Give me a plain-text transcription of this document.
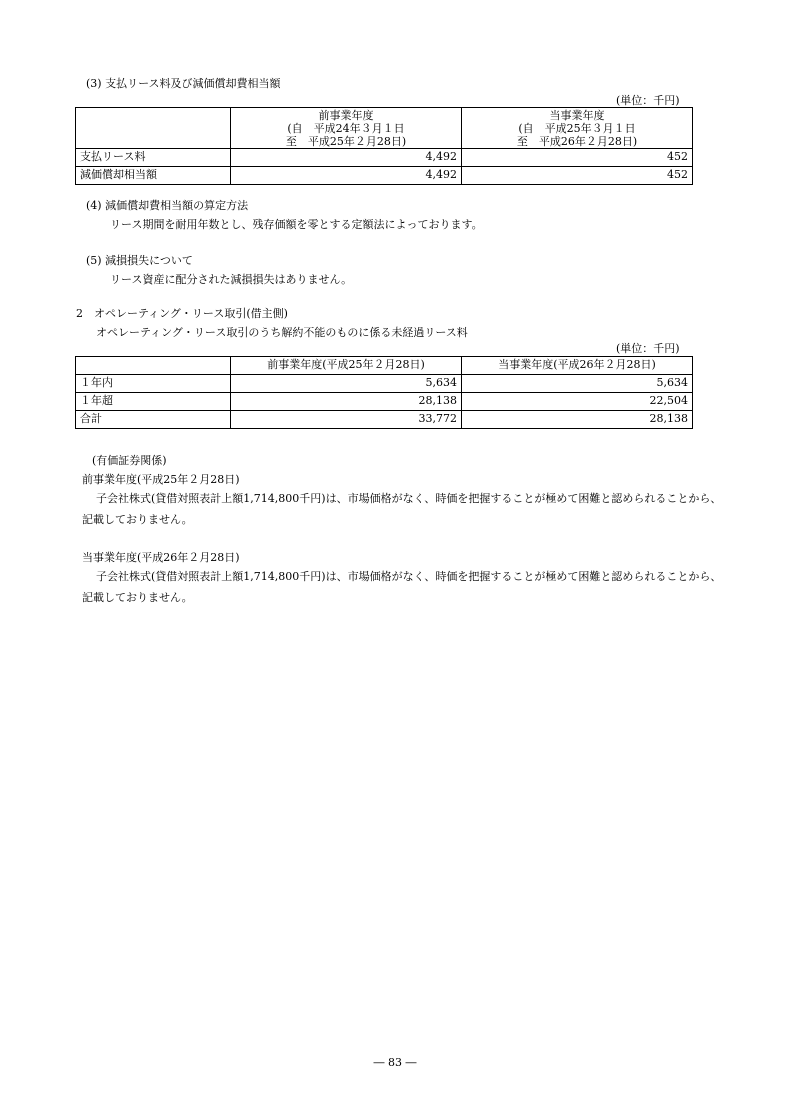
(3) 支払リース料及び減価償却費相当額
(単位：千円)

	前事業年度
(自　平成24年３月１日
至　平成25年２月28日)	当事業年度
(自　平成25年３月１日
至　平成26年２月28日)

支払リース料	4,492	452
減価償却相当額	4,492	452
(4) 減価償却費相当額の算定方法
リース期間を耐用年数とし、残存価額を零とする定額法によっております。
(5) 減損損失について
リース資産に配分された減損損失はありません。
2　オペレーティング・リース取引(借主側)
オペレーティング・リース取引のうち解約不能のものに係る未経過リース料
(単位：千円)
	前事業年度(平成25年２月28日)	当事業年度(平成26年２月28日)
１年内	5,634	5,634
１年超	28,138	22,504
合計	33,772	28,138
(有価証券関係)
前事業年度(平成25年２月28日)
子会社株式(貸借対照表計上額1,714,800千円)は、市場価格がなく、時価を把握することが極めて困難と認められることから、記載しておりません。
当事業年度(平成26年２月28日)
子会社株式(貸借対照表計上額1,714,800千円)は、市場価格がなく、時価を把握することが極めて困難と認められることから、記載しておりません。
― 83 ―
